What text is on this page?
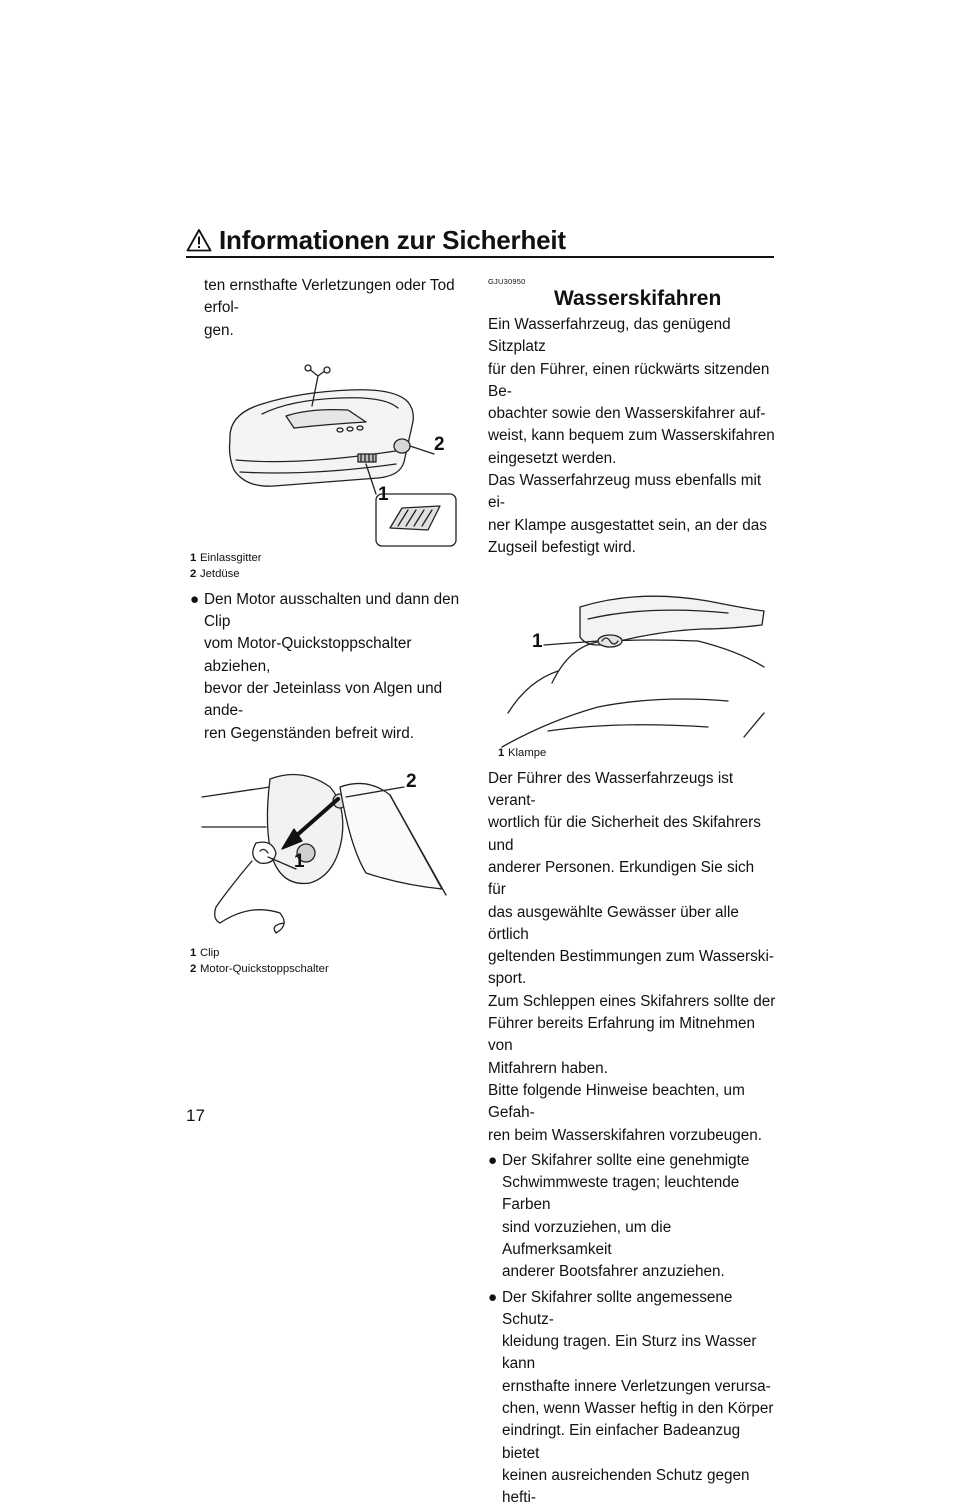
Informationen zur Sicherheit

ten ernsthafte Verletzungen oder Tod erfol-

gen.

2
1
1 Einlassgitter
2 Jetdüse
● Den Motor ausschalten und dann den Clip

vom Motor-Quickstoppschalter abziehen,

bevor der Jeteinlass von Algen und ande-

ren Gegenständen befreit wird.

2
1
1 Clip
2 Motor-Quickstoppschalter

GJU30950

Wasserskifahren

Ein Wasserfahrzeug, das genügend Sitzplatz

für den Führer, einen rückwärts sitzenden Be-

obachter sowie den Wasserskifahrer auf-

weist, kann bequem zum Wasserskifahren

eingesetzt werden.

Das Wasserfahrzeug muss ebenfalls mit ei-

ner Klampe ausgestattet sein, an der das

Zugseil befestigt wird.

1
1 Klampe

Der Führer des Wasserfahrzeugs ist verant-

wortlich für die Sicherheit des Skifahrers und

anderer Personen. Erkundigen Sie sich für

das ausgewählte Gewässer über alle örtlich

geltenden Bestimmungen zum Wasserski-

sport.

Zum Schleppen eines Skifahrers sollte der

Führer bereits Erfahrung im Mitnehmen von

Mitfahrern haben.

Bitte folgende Hinweise beachten, um Gefah-

ren beim Wasserskifahren vorzubeugen.

● Der Skifahrer sollte eine genehmigte

Schwimmweste tragen; leuchtende Farben

sind vorzuziehen, um die Aufmerksamkeit

anderer Bootsfahrer anzuziehen.

● Der Skifahrer sollte angemessene Schutz-

kleidung tragen. Ein Sturz ins Wasser kann

ernsthafte innere Verletzungen verursa-

chen, wenn Wasser heftig in den Körper

eindringt. Ein einfacher Badeanzug bietet

keinen ausreichenden Schutz gegen hefti-

17
